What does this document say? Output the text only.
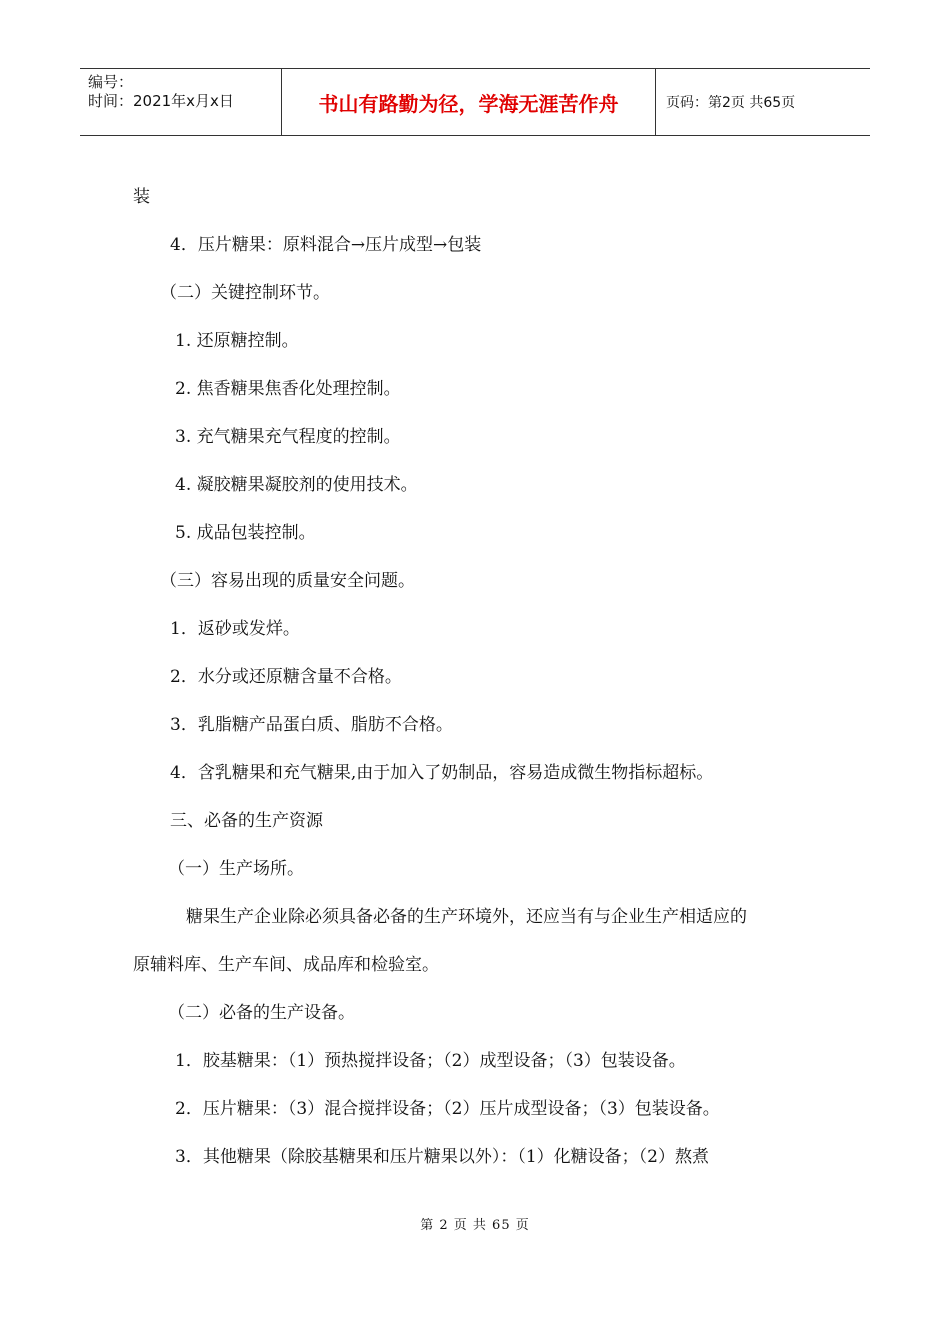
编号：
时间：2021年x月x日	书山有路勤为径，学海无涯苦作舟	页码：第2页 共65页
装
4．压片糖果：原料混合→压片成型→包装
（二）关键控制环节。
1. 还原糖控制。
2. 焦香糖果焦香化处理控制。
3. 充气糖果充气程度的控制。
4. 凝胶糖果凝胶剂的使用技术。
5. 成品包装控制。
（三）容易出现的质量安全问题。
1．返砂或发烊。
2．水分或还原糖含量不合格。
3．乳脂糖产品蛋白质、脂肪不合格。
4．含乳糖果和充气糖果,由于加入了奶制品，容易造成微生物指标超标。
三、必备的生产资源
（一）生产场所。
糖果生产企业除必须具备必备的生产环境外，还应当有与企业生产相适应的
原辅料库、生产车间、成品库和检验室。
（二）必备的生产设备。
1．胶基糖果：（1）预热搅拌设备；（2）成型设备；（3）包装设备。
2．压片糖果：（3）混合搅拌设备；（2）压片成型设备；（3）包装设备。
3．其他糖果（除胶基糖果和压片糖果以外）：（1）化糖设备；（2）熬煮
第 2 页 共 65 页
